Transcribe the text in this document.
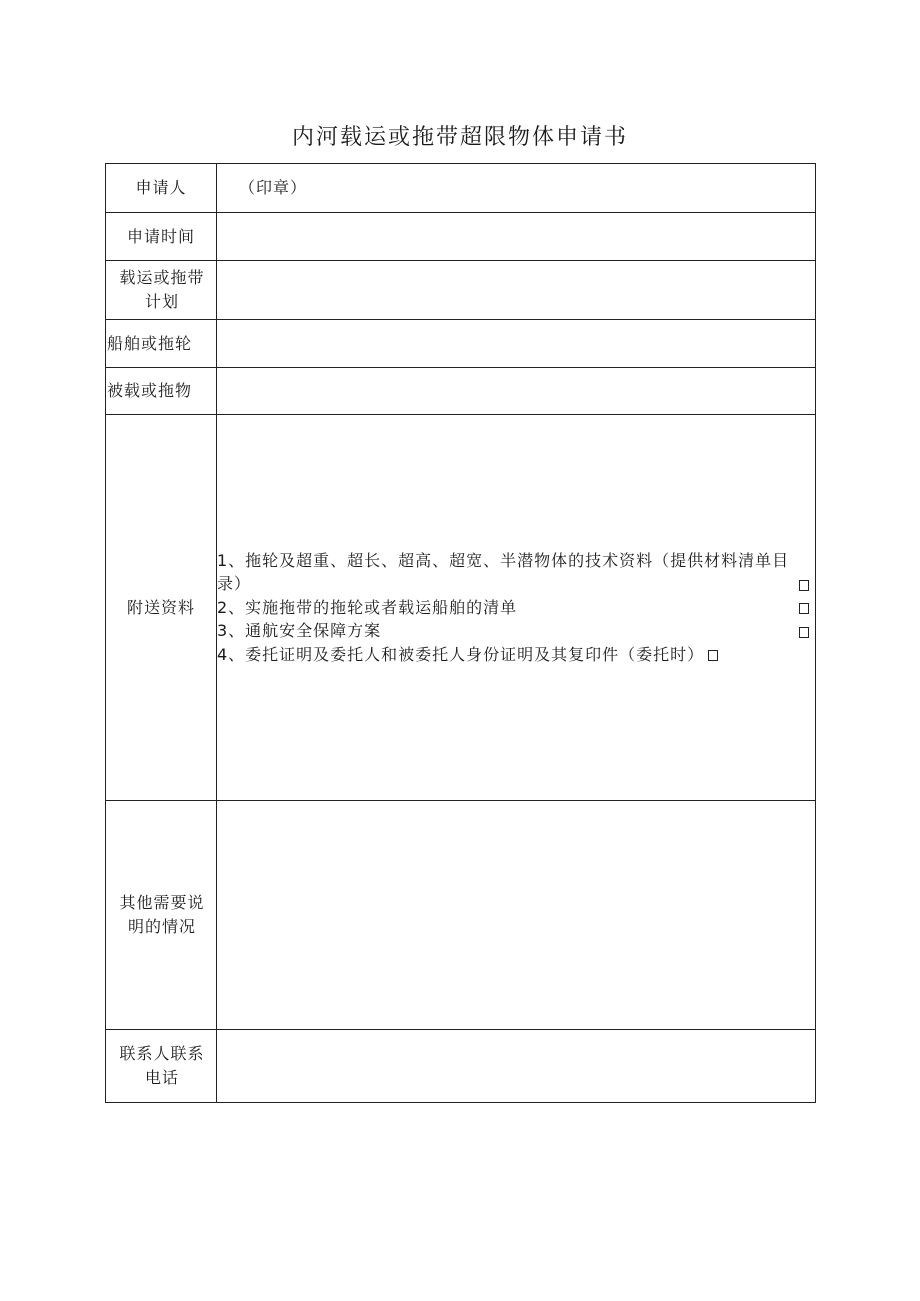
内河载运或拖带超限物体申请书
申请人	（印章）
申请时间	
载运或拖带计划	
船舶或拖轮	
被载或拖物	
附送资料	1、拖轮及超重、超长、超高、超宽、半潜物体的技术资料（提供材料清单目录）
2、实施拖带的拖轮或者载运船舶的清单
3、通航安全保障方案
4、委托证明及委托人和被委托人身份证明及其复印件（委托时）

其他需要说明的情况	
联系人联系电话	
